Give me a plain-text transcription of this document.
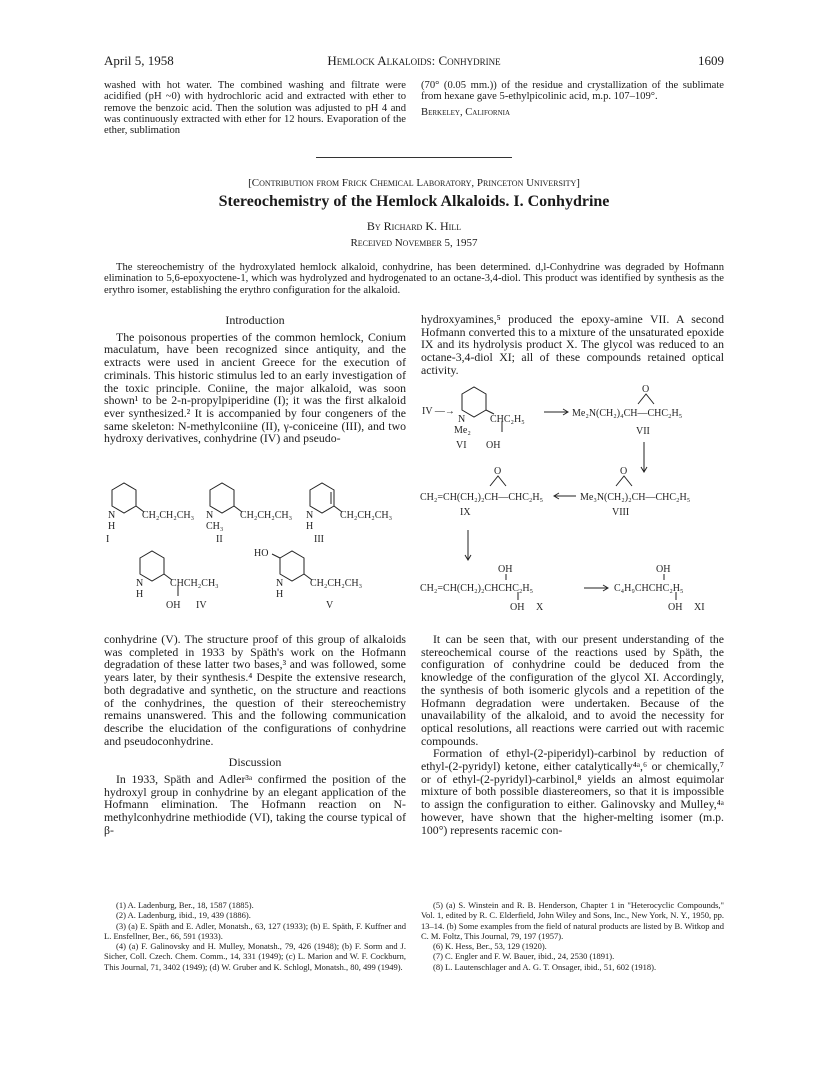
April 5, 1958	Hemlock Alkaloids: Conhydrine	1609

washed with hot water. The combined washing and filtrate were acidified (pH ~0) with hydrochloric acid and extracted with ether to remove the benzoic acid. Then the solution was adjusted to pH 4 and was continuously extracted with ether for 12 hours. Evaporation of the ether, sublimation

(70° (0.05 mm.)) of the residue and crystallization of the sublimate from hexane gave 5-ethylpicolinic acid, m.p. 107–109°.

Berkeley, California

[Contribution from Frick Chemical Laboratory, Princeton University]
Stereochemistry of the Hemlock Alkaloids. I. Conhydrine
By Richard K. Hill
Received November 5, 1957

The stereochemistry of the hydroxylated hemlock alkaloid, conhydrine, has been determined. d,l-Conhydrine was degraded by Hofmann elimination to 5,6-epoxyoctene-1, which was hydrolyzed and hydrogenated to an octane-3,4-diol. This product was identified by synthesis as the erythro isomer, establishing the erythro configuration for the alkaloid.

Introduction

The poisonous properties of the common hemlock, Conium maculatum, have been recognized since antiquity, and the extracts were used in ancient Greece for the execution of criminals. This historic stimulus led to an early investigation of the toxic principle. Coniine, the major alkaloid, was soon shown¹ to be 2-n-propylpiperidine (I); it was the first alkaloid ever synthesized.² It is accompanied by four congeners of the same skeleton: N-methylconiine (II), γ-coniceine (III), and two hydroxy derivatives, conhydrine (IV) and pseudo-

N
H
CH₂CH₂CH₃
I
N
CH₃
CH₂CH₂CH₃
II
N
H
CH₂CH₂CH₃
III
N
H
CHCH₂CH₃
OH IV
HO
N
H
CH₂CH₂CH₃
V

conhydrine (V). The structure proof of this group of alkaloids was completed in 1933 by Späth's work on the Hofmann degradation of these latter two bases,³ and was followed, some years later, by their synthesis.⁴ Despite the extensive research, both degradative and synthetic, on the structure and reactions of the conhydrines, the question of their stereochemistry remains unanswered. This and the following communication describe the elucidation of the configurations of conhydrine and pseudoconhydrine.

Discussion

In 1933, Späth and Adler³ᵃ confirmed the position of the hydroxyl group in conhydrine by an elegant application of the Hofmann elimination. The Hofmann reaction on N-methylconhydrine methiodide (VI), taking the course typical of β-

hydroxyamines,⁵ produced the epoxy-amine VII. A second Hofmann converted this to a mixture of the unsaturated epoxide IX and its hydrolysis product X. The glycol was reduced to an octane-3,4-diol XI; all of these compounds retained optical activity.

IV —→
N
Me₂
CHC₂H₅
VI OH
O
Me₂N(CH₂)₄CH—CHC₂H₅
VII
O
Me₃N(CH₂)₂CH—CHC₂H₅
VIII
O
CH₂=CH(CH₂)₂CH—CHC₂H₅
IX
OH
CH₂=CH(CH₂)₂CHCHC₂H₅
OH X
OH
C₄H₉CHCHC₂H₅
OH XI

It can be seen that, with our present understanding of the stereochemical course of the reactions used by Späth, the configuration of conhydrine could be deduced from the knowledge of the configuration of the glycol XI. Accordingly, the synthesis of both isomeric glycols and a repetition of the Hofmann degradation were undertaken. Because of the unavailability of the alkaloid, and to avoid the necessity for optical resolutions, all reactions were carried out with racemic compounds.

Formation of ethyl-(2-piperidyl)-carbinol by reduction of ethyl-(2-pyridyl) ketone, either catalytically⁴ᵃ,⁶ or chemically,⁷ or of ethyl-(2-pyridyl)-carbinol,⁸ yields an almost equimolar mixture of both possible diastereomers, so that it is impossible to assign the configuration to either. Galinovsky and Mulley,⁴ᵃ however, have shown that the higher-melting isomer (m.p. 100°) represents racemic con-

(1) A. Ladenburg, Ber., 18, 1587 (1885).

(2) A. Ladenburg, ibid., 19, 439 (1886).

(3) (a) E. Späth and E. Adler, Monatsh., 63, 127 (1933); (b) E. Späth, F. Kuffner and L. Ensfellner, Ber., 66, 591 (1933).

(4) (a) F. Galinovsky and H. Mulley, Monatsh., 79, 426 (1948); (b) F. Sorm and J. Sicher, Coll. Czech. Chem. Comm., 14, 331 (1949); (c) L. Marion and W. F. Cockburn, This Journal, 71, 3402 (1949); (d) W. Gruber and K. Schlogl, Monatsh., 80, 499 (1949).

(5) (a) S. Winstein and R. B. Henderson, Chapter 1 in "Heterocyclic Compounds," Vol. 1, edited by R. C. Elderfield, John Wiley and Sons, Inc., New York, N. Y., 1950, pp. 13–14. (b) Some examples from the field of natural products are listed by B. Witkop and C. M. Foltz, This Journal, 79, 197 (1957).

(6) K. Hess, Ber., 53, 129 (1920).

(7) C. Engler and F. W. Bauer, ibid., 24, 2530 (1891).

(8) L. Lautenschlager and A. G. T. Onsager, ibid., 51, 602 (1918).
